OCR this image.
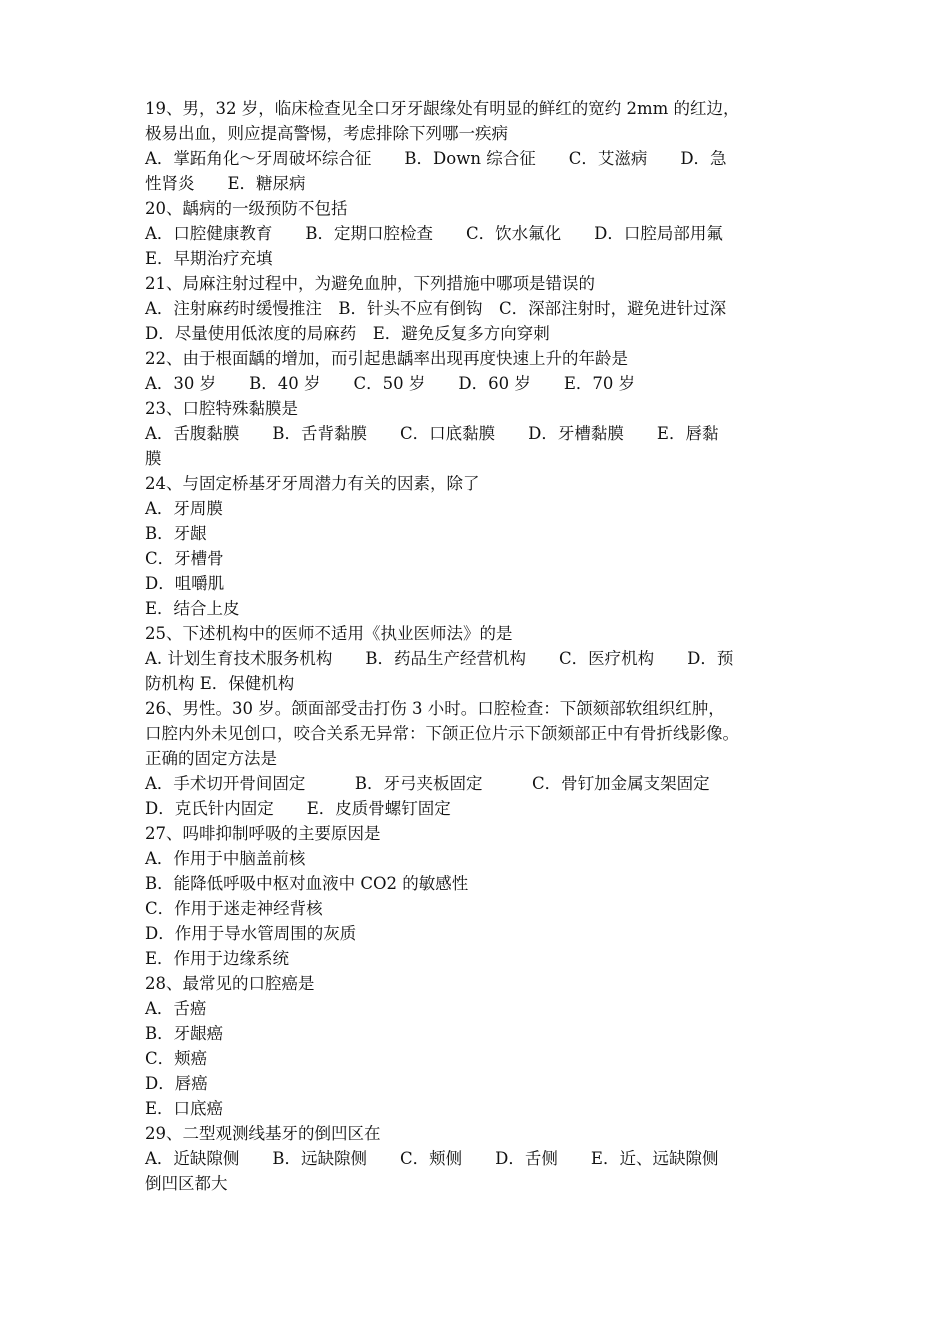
19、男，32 岁，临床检查见全口牙牙龈缘处有明显的鲜红的宽约 2mm 的红边，
极易出血，则应提高警惕，考虑排除下列哪一疾病
A．掌跖角化～牙周破坏综合征　　B．Down 综合征　　C．艾滋病　　D．急
性肾炎　　E．糖尿病
20、龋病的一级预防不包括
A．口腔健康教育　　B．定期口腔检查　　C．饮水氟化　　D．口腔局部用氟
E．早期治疗充填
21、局麻注射过程中，为避免血肿，下列措施中哪项是错误的
A．注射麻药时缓慢推注　B．针头不应有倒钩　C．深部注射时，避免进针过深
D．尽量使用低浓度的局麻药　E．避免反复多方向穿刺
22、由于根面龋的增加，而引起患龋率出现再度快速上升的年龄是
A．30 岁　　B．40 岁　　C．50 岁　　D．60 岁　　E．70 岁
23、口腔特殊黏膜是
A．舌腹黏膜　　B．舌背黏膜　　C．口底黏膜　　D．牙槽黏膜　　E．唇黏
膜
24、与固定桥基牙牙周潜力有关的因素，除了
A．牙周膜
B．牙龈
C．牙槽骨
D．咀嚼肌
E．结合上皮
25、下述机构中的医师不适用《执业医师法》的是
A. 计划生育技术服务机构　　B．药品生产经营机构　　C．医疗机构　　D．预
防机构 E．保健机构
26、男性。30 岁。颌面部受击打伤 3 小时。口腔检查：下颌颏部软组织红肿，
口腔内外未见创口，咬合关系无异常：下颌正位片示下颌颏部正中有骨折线影像。
正确的固定方法是
A．手术切开骨间固定　　　B．牙弓夹板固定　　　C．骨钉加金属支架固定
D．克氏针内固定　　E．皮质骨螺钉固定
27、吗啡抑制呼吸的主要原因是
A．作用于中脑盖前核
B．能降低呼吸中枢对血液中 CO2 的敏感性
C．作用于迷走神经背核
D．作用于导水管周围的灰质
E．作用于边缘系统
28、最常见的口腔癌是
A．舌癌
B．牙龈癌
C．颊癌
D．唇癌
E．口底癌
29、二型观测线基牙的倒凹区在
A．近缺隙侧　　B．远缺隙侧　　C．颊侧　　D．舌侧　　E．近、远缺隙侧
倒凹区都大
